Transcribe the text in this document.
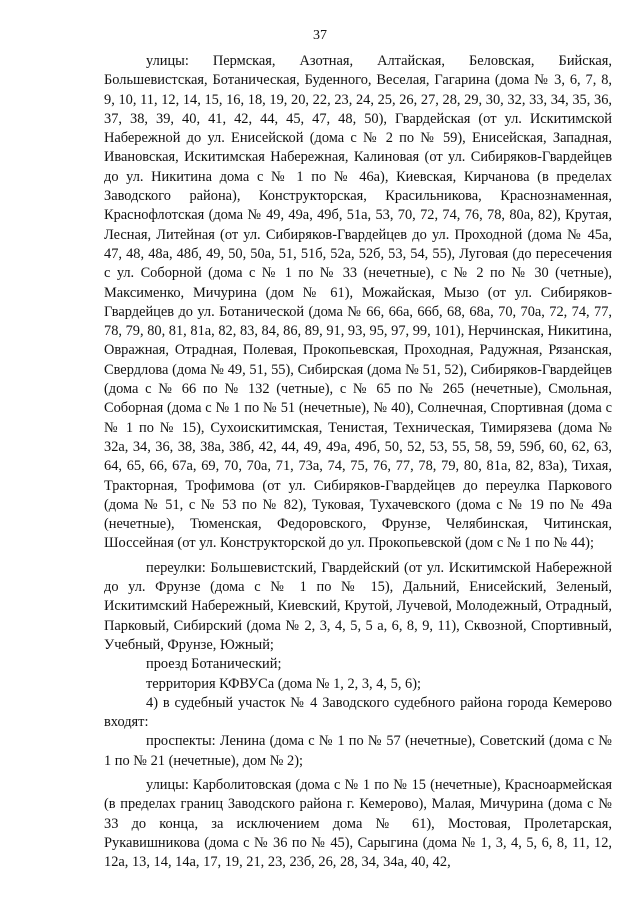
37

улицы: Пермская, Азотная, Алтайская, Беловская, Бийская, Большевистская, Ботаническая, Буденного, Веселая, Гагарина (дома № 3, 6, 7, 8, 9, 10, 11, 12, 14, 15, 16, 18, 19, 20, 22, 23, 24, 25, 26, 27, 28, 29, 30, 32, 33, 34, 35, 36, 37, 38, 39, 40, 41, 42, 44, 45, 47, 48, 50), Гвардейская (от ул. Искитимской Набережной до ул. Енисейской (дома с № 2 по № 59), Енисейская, Западная, Ивановская, Искитимская Набережная, Калиновая (от ул. Сибиряков-Гвардейцев до ул. Никитина дома с № 1 по № 46а), Киевская, Кирчанова (в пределах Заводского района), Конструкторская, Красильникова, Краснознаменная, Краснофлотская (дома № 49, 49а, 49б, 51а, 53, 70, 72, 74, 76, 78, 80а, 82), Крутая, Лесная, Литейная (от ул. Сибиряков-Гвардейцев до ул. Проходной (дома № 45а, 47, 48, 48а, 48б, 49, 50, 50а, 51, 51б, 52а, 52б, 53, 54, 55), Луговая (до пересечения с ул. Соборной (дома с № 1 по № 33 (нечетные), с № 2 по № 30 (четные), Максименко, Мичурина (дом № 61), Можайская, Мызо (от ул. Сибиряков-Гвардейцев до ул. Ботанической (дома № 66, 66а, 66б, 68, 68а, 70, 70а, 72, 74, 77, 78, 79, 80, 81, 81а, 82, 83, 84, 86, 89, 91, 93, 95, 97, 99, 101), Нерчинская, Никитина, Овражная, Отрадная, Полевая, Прокопьевская, Проходная, Радужная, Рязанская, Свердлова (дома № 49, 51, 55), Сибирская (дома № 51, 52), Сибиряков-Гвардейцев (дома с № 66 по № 132 (четные), с № 65 по № 265 (нечетные), Смольная, Соборная (дома с № 1 по № 51 (нечетные), № 40), Солнечная, Спортивная (дома с № 1 по № 15), Сухоискитимская, Тенистая, Техническая, Тимирязева (дома № 32а, 34, 36, 38, 38а, 38б, 42, 44, 49, 49а, 49б, 50, 52, 53, 55, 58, 59, 59б, 60, 62, 63, 64, 65, 66, 67а, 69, 70, 70а, 71, 73а, 74, 75, 76, 77, 78, 79, 80, 81а, 82, 83а), Тихая, Тракторная, Трофимова (от ул. Сибиряков-Гвардейцев до переулка Паркового (дома № 51, с № 53 по № 82), Туковая, Тухачевского (дома с № 19 по № 49а (нечетные), Тюменская, Федоровского, Фрунзе, Челябинская, Читинская, Шоссейная (от ул. Конструкторской до ул. Прокопьевской (дом с № 1 по № 44);

переулки: Большевистский, Гвардейский (от ул. Искитимской Набережной до ул. Фрунзе (дома с № 1 по № 15), Дальний, Енисейский, Зеленый, Искитимский Набережный, Киевский, Крутой, Лучевой, Молодежный, Отрадный, Парковый, Сибирский (дома № 2, 3, 4, 5, 5 а, 6, 8, 9, 11), Сквозной, Спортивный, Учебный, Фрунзе, Южный;

проезд Ботанический;

территория КФВУСа (дома № 1, 2, 3, 4, 5, 6);

4) в судебный участок № 4 Заводского судебного района города Кемерово входят:

проспекты: Ленина (дома с № 1 по № 57 (нечетные), Советский (дома с № 1 по № 21 (нечетные), дом № 2);

улицы: Карболитовская (дома с № 1 по № 15 (нечетные), Красноармейская (в пределах границ Заводского района г. Кемерово), Малая, Мичурина (дома с № 33 до конца, за исключением дома № 61), Мостовая, Пролетарская, Рукавишникова (дома с № 36 по № 45), Сарыгина (дома № 1, 3, 4, 5, 6, 8, 11, 12, 12а, 13, 14, 14а, 17, 19, 21, 23, 23б, 26, 28, 34, 34а, 40, 42,
